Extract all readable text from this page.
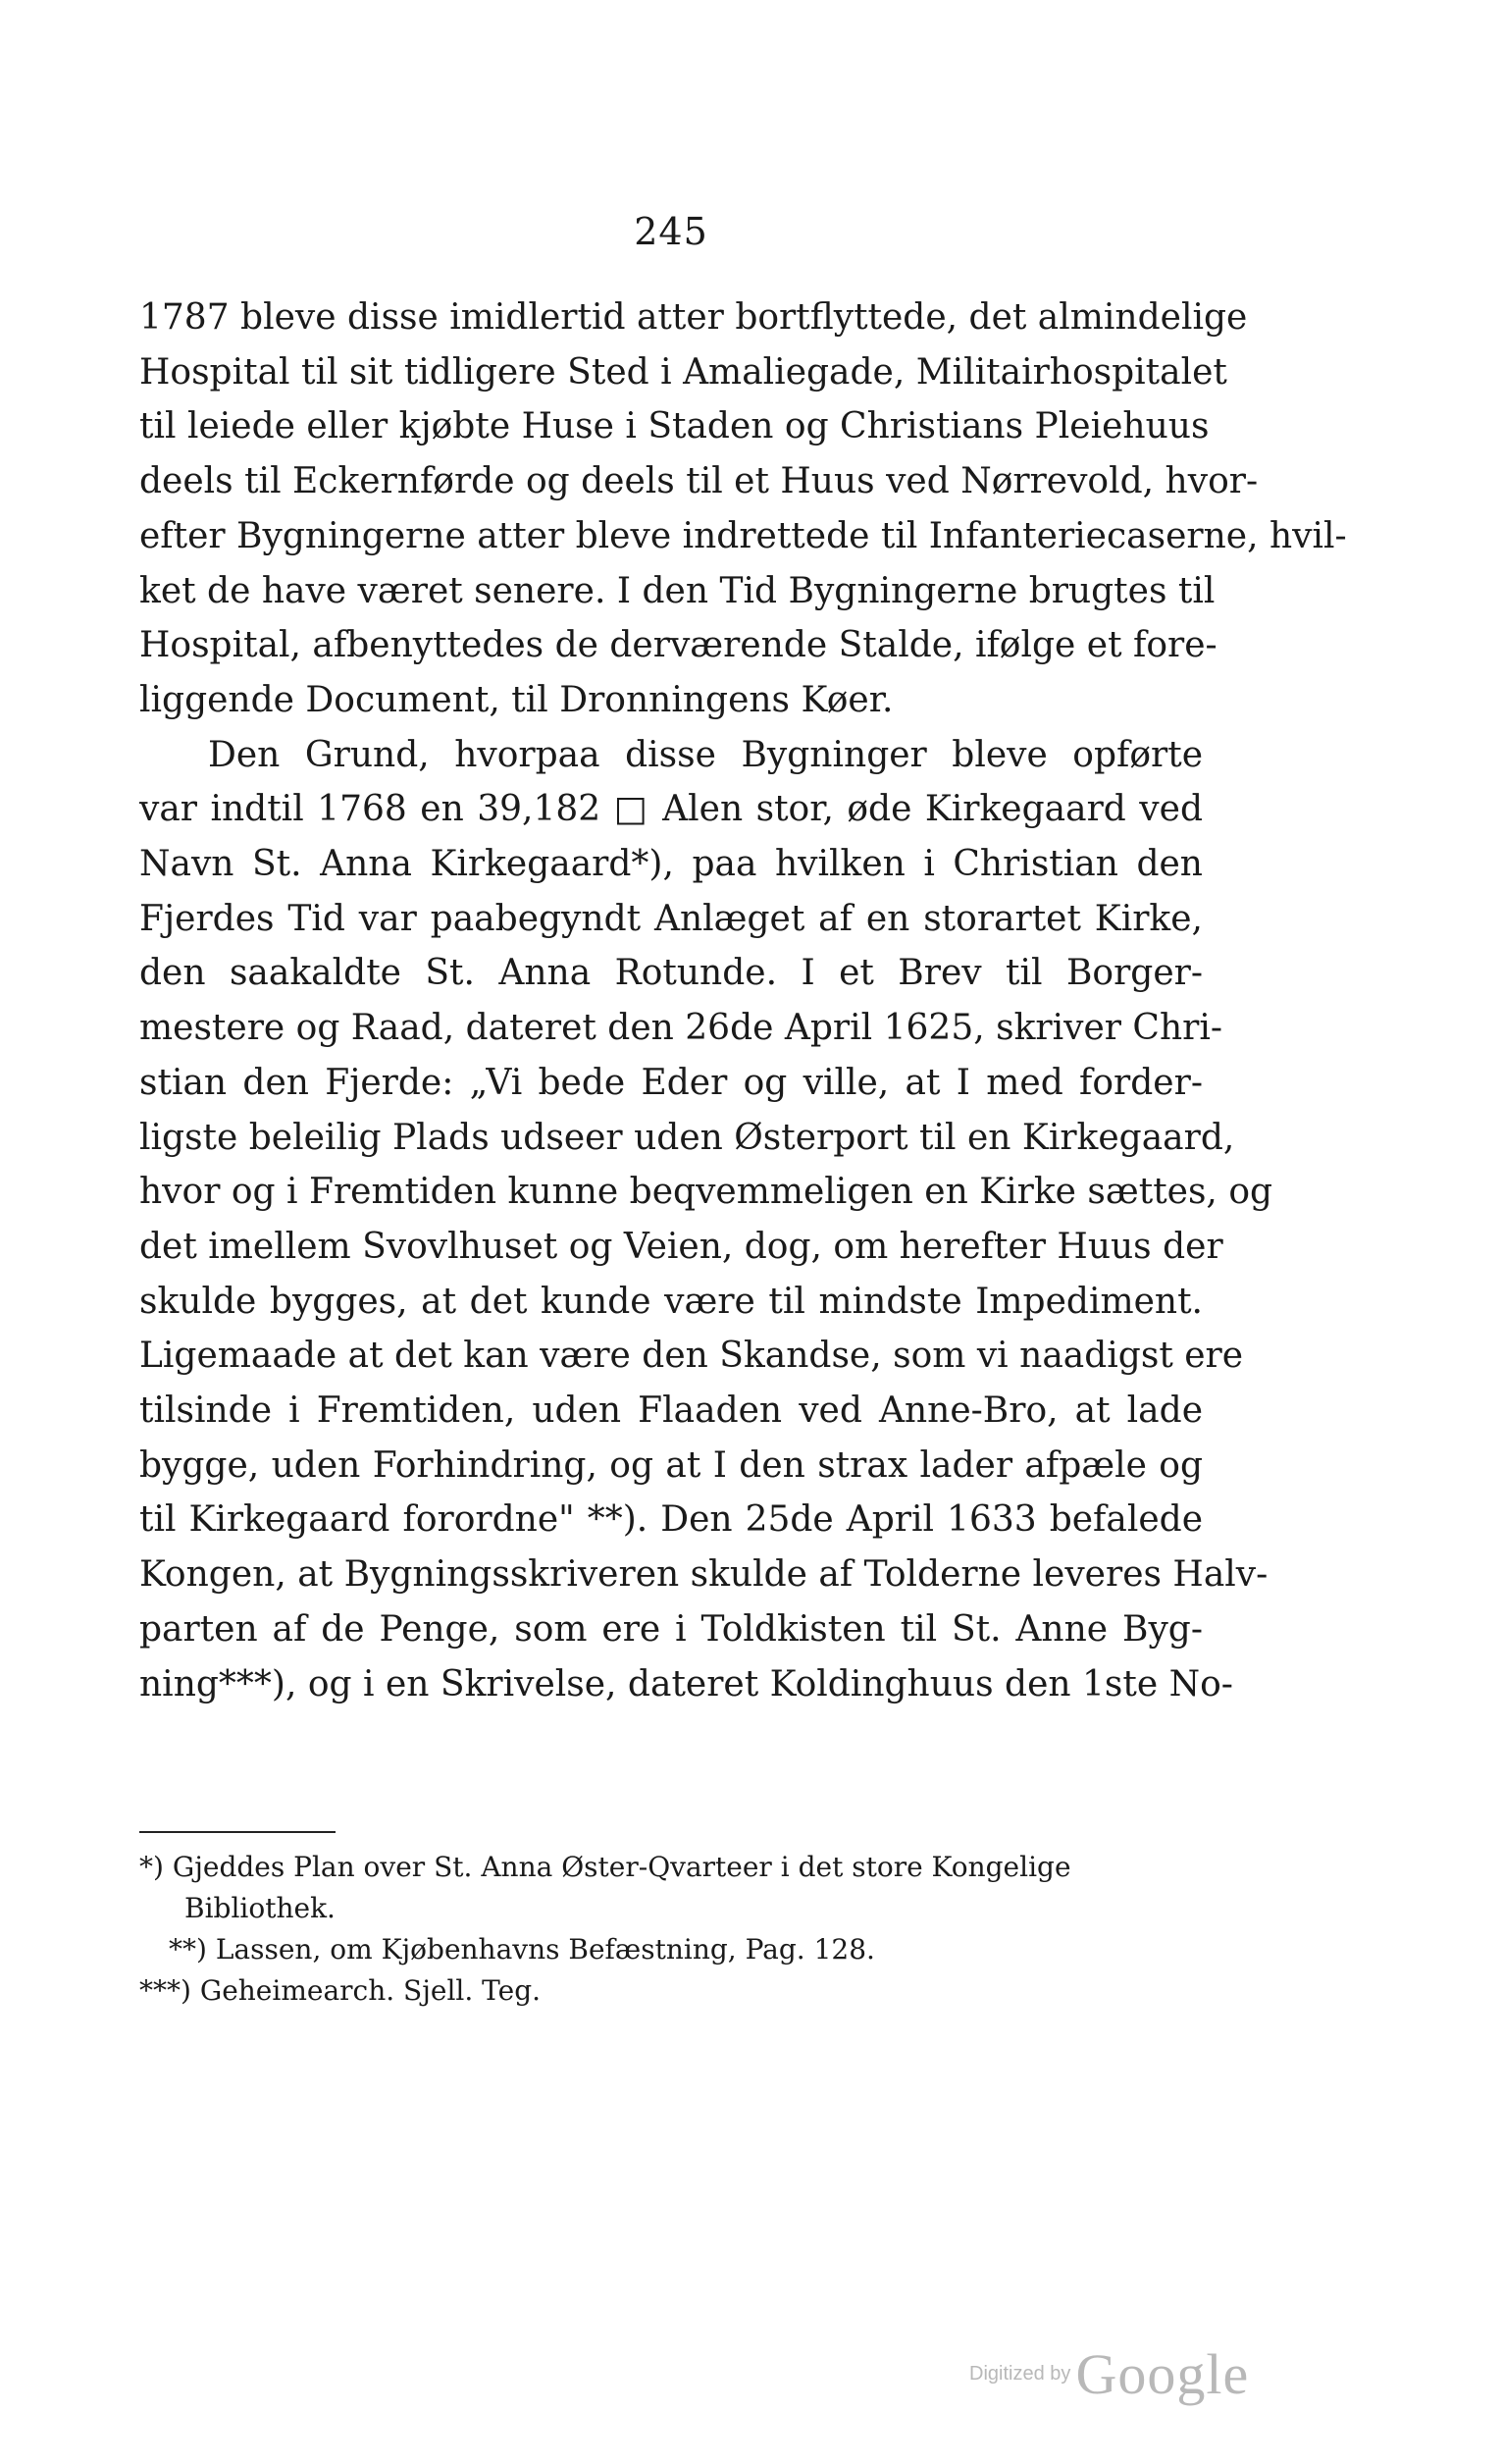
245
1787 bleve disse imidlertid atter bortflyttede, det almindelige
Hospital til sit tidligere Sted i Amaliegade, Militairhospitalet
til leiede eller kjøbte Huse i Staden og Christians Pleiehuus
deels til Eckernførde og deels til et Huus ved Nørrevold, hvor-
efter Bygningerne atter bleve indrettede til Infanteriecaserne, hvil-
ket de have været senere. I den Tid Bygningerne brugtes til
Hospital, afbenyttedes de derværende Stalde, ifølge et fore-
liggende Document, til Dronningens Køer.
Den Grund, hvorpaa disse Bygninger bleve opførte
var indtil 1768 en 39,182 □ Alen stor, øde Kirkegaard ved
Navn St. Anna Kirkegaard*), paa hvilken i Christian den
Fjerdes Tid var paabegyndt Anlæget af en storartet Kirke,
den saakaldte St. Anna Rotunde. I et Brev til Borger-
mestere og Raad, dateret den 26de April 1625, skriver Chri-
stian den Fjerde: „Vi bede Eder og ville, at I med forder-
ligste beleilig Plads udseer uden Østerport til en Kirkegaard,
hvor og i Fremtiden kunne beqvemmeligen en Kirke sættes, og
det imellem Svovlhuset og Veien, dog, om herefter Huus der
skulde bygges, at det kunde være til mindste Impediment.
Ligemaade at det kan være den Skandse, som vi naadigst ere
tilsinde i Fremtiden, uden Flaaden ved Anne-Bro, at lade
bygge, uden Forhindring, og at I den strax lader afpæle og
til Kirkegaard forordne" **). Den 25de April 1633 befalede
Kongen, at Bygningsskriveren skulde af Tolderne leveres Halv-
parten af de Penge, som ere i Toldkisten til St. Anne Byg-
ning***), og i en Skrivelse, dateret Koldinghuus den 1ste No-
*) Gjeddes Plan over St. Anna Øster-Qvarteer i det store Kongelige
Bibliothek.
**) Lassen, om Kjøbenhavns Befæstning, Pag. 128.
***) Geheimearch. Sjell. Teg.
Digitized by Google
